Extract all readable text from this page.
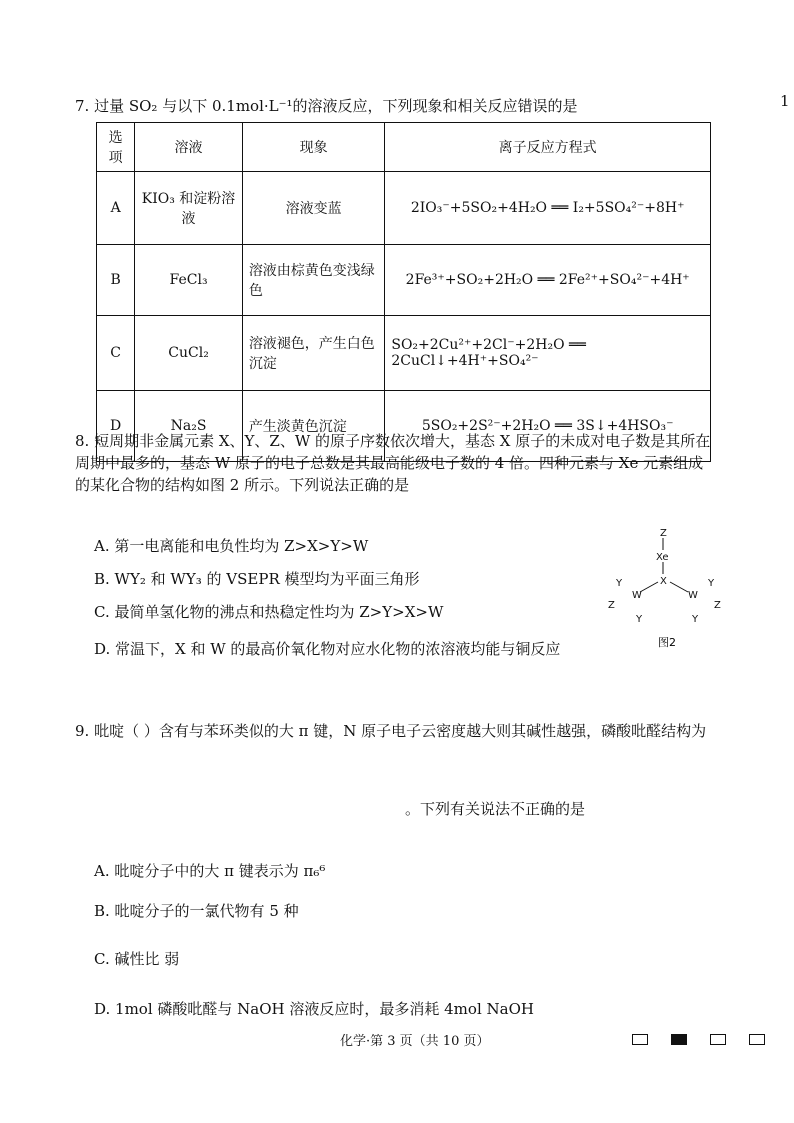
1
7. 过量 SO₂ 与以下 0.1mol·L⁻¹的溶液反应，下列现象和相关反应错误的是
选项	溶液	现象	离子反应方程式
A	KIO₃ 和淀粉溶液	溶液变蓝	2IO₃⁻+5SO₂+4H₂O ══ I₂+5SO₄²⁻+8H⁺
B	FeCl₃	溶液由棕黄色变浅绿色	2Fe³⁺+SO₂+2H₂O ══ 2Fe²⁺+SO₄²⁻+4H⁺
C	CuCl₂	溶液褪色，产生白色沉淀	SO₂+2Cu²⁺+2Cl⁻+2H₂O ══ 2CuCl↓+4H⁺+SO₄²⁻
D	Na₂S	产生淡黄色沉淀	5SO₂+2S²⁻+2H₂O ══ 3S↓+4HSO₃⁻

8. 短周期非金属元素 X、Y、Z、W 的原子序数依次增大，基态 X 原子的未成对电子数是其所在周期中最多的，基态 W 原子的电子总数是其最高能级电子数的 4 倍。四种元素与 Xe 元素组成的某化合物的结构如图 2 所示。下列说法正确的是

A. 第一电离能和电负性均为 Z>X>Y>W
B. WY₂ 和 WY₃ 的 VSEPR 模型均为平面三角形
C. 最简单氢化物的沸点和热稳定性均为 Z>Y>X>W
D. 常温下，X 和 W 的最高价氧化物对应水化物的浓溶液均能与铜反应
Z
Xe
X
W	W
Y
Z
Y
Y
Z
Y
图2
9. 吡啶（ ）含有与苯环类似的大 π 键，N 原子电子云密度越大则其碱性越强，磷酸吡醛结构为
。下列有关说法不正确的是
A. 吡啶分子中的大 π 键表示为 π₆⁶
B. 吡啶分子的一氯代物有 5 种
C. 碱性比 弱
D. 1mol 磷酸吡醛与 NaOH 溶液反应时，最多消耗 4mol NaOH
化学·第 3 页（共 10 页）
